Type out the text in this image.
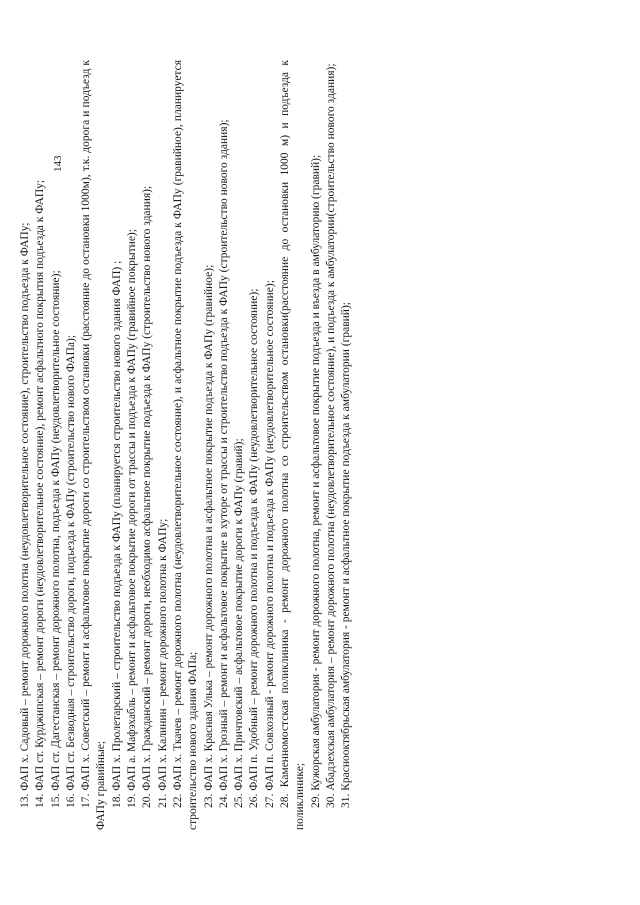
143

13. ФАП х. Садовый – ремонт дорожного полотна (неудовлетворительное состояние), строительство подъезда к ФАПу; 14. ФАП ст. Курджипская – ремонт дороги (неудовлетворительное состояние), ремонт асфальтного покрытия подъезда к ФАПу; 15. ФАП ст. Дагестанская – ремонт дорожного полотна, подъезда к ФАПу (неудовлетворительное состояние); 16. ФАП ст. Безводная – строительство дороги, подъезда к ФАПу (строительство нового ФАПа); 17. ФАП х. Советский – ремонт и асфальтовое покрытие дороги со строительством остановки (расстояние до остановки 1000м), т.к. дорога и подъезд к ФАПу гравийные; 18. ФАП х. Пролетарский – строительство подъезда к ФАПу (планируется строительство нового здания ФАП) ; 19. ФАП а. Мафэхабль – ремонт и асфальтовое покрытие дороги от трассы и подъезда к ФАПу (гравийное покрытие); 20. ФАП х. Гражданский – ремонт дороги, необходимо асфальтное покрытие подъезда к ФАПу (строительство нового здания); 21. ФАП х. Калинин – ремонт дорожного полотна к ФАПу; 22. ФАП х. Ткачев – ремонт дорожного полотна (неудовлетворительное состояние), и асфальтное покрытие подъезда к ФАПу (гравийное), планируется строительство нового здания ФАПа; 23. ФАП х. Красная Улька – ремонт дорожного полотна и асфальтное покрытие подъезда к ФАПу (гравийное); 24. ФАП х. Грозный – ремонт и асфальтовое покрытие в хуторе от трассы и строительство подъезда к ФАПу (строительство нового здания); 25. ФАП х. Причтовский – асфальтовое покрытие дороги к ФАПу (гравий); 26. ФАП п. Удобный – ремонт дорожного полотна и подъезда к ФАПу (неудовлетворительное состояние); 27. ФАП п. Совхозный - ремонт дорожного полотна и подъезда к ФАПу (неудовлетворительное состояние); 28. Каменномостская поликлиника - ремонт дорожного полотна со строительством остановки(расстояние до остановки 1000 м) и подъезда к поликлинике; 29. Кужорская амбулатория - ремонт дорожного полотна, ремонт и асфальтовое покрытие подъезда и въезда в амбулаторию (гравий); 30. Абадзехская амбулатория – ремонт дорожного полотна (неудовлетворительное состояние), и подъезда к амбулатории(строительство нового здания); 31. Краснооктябрьская амбулатория - ремонт и асфальтное покрытие подъезда к амбулатории (гравий);
